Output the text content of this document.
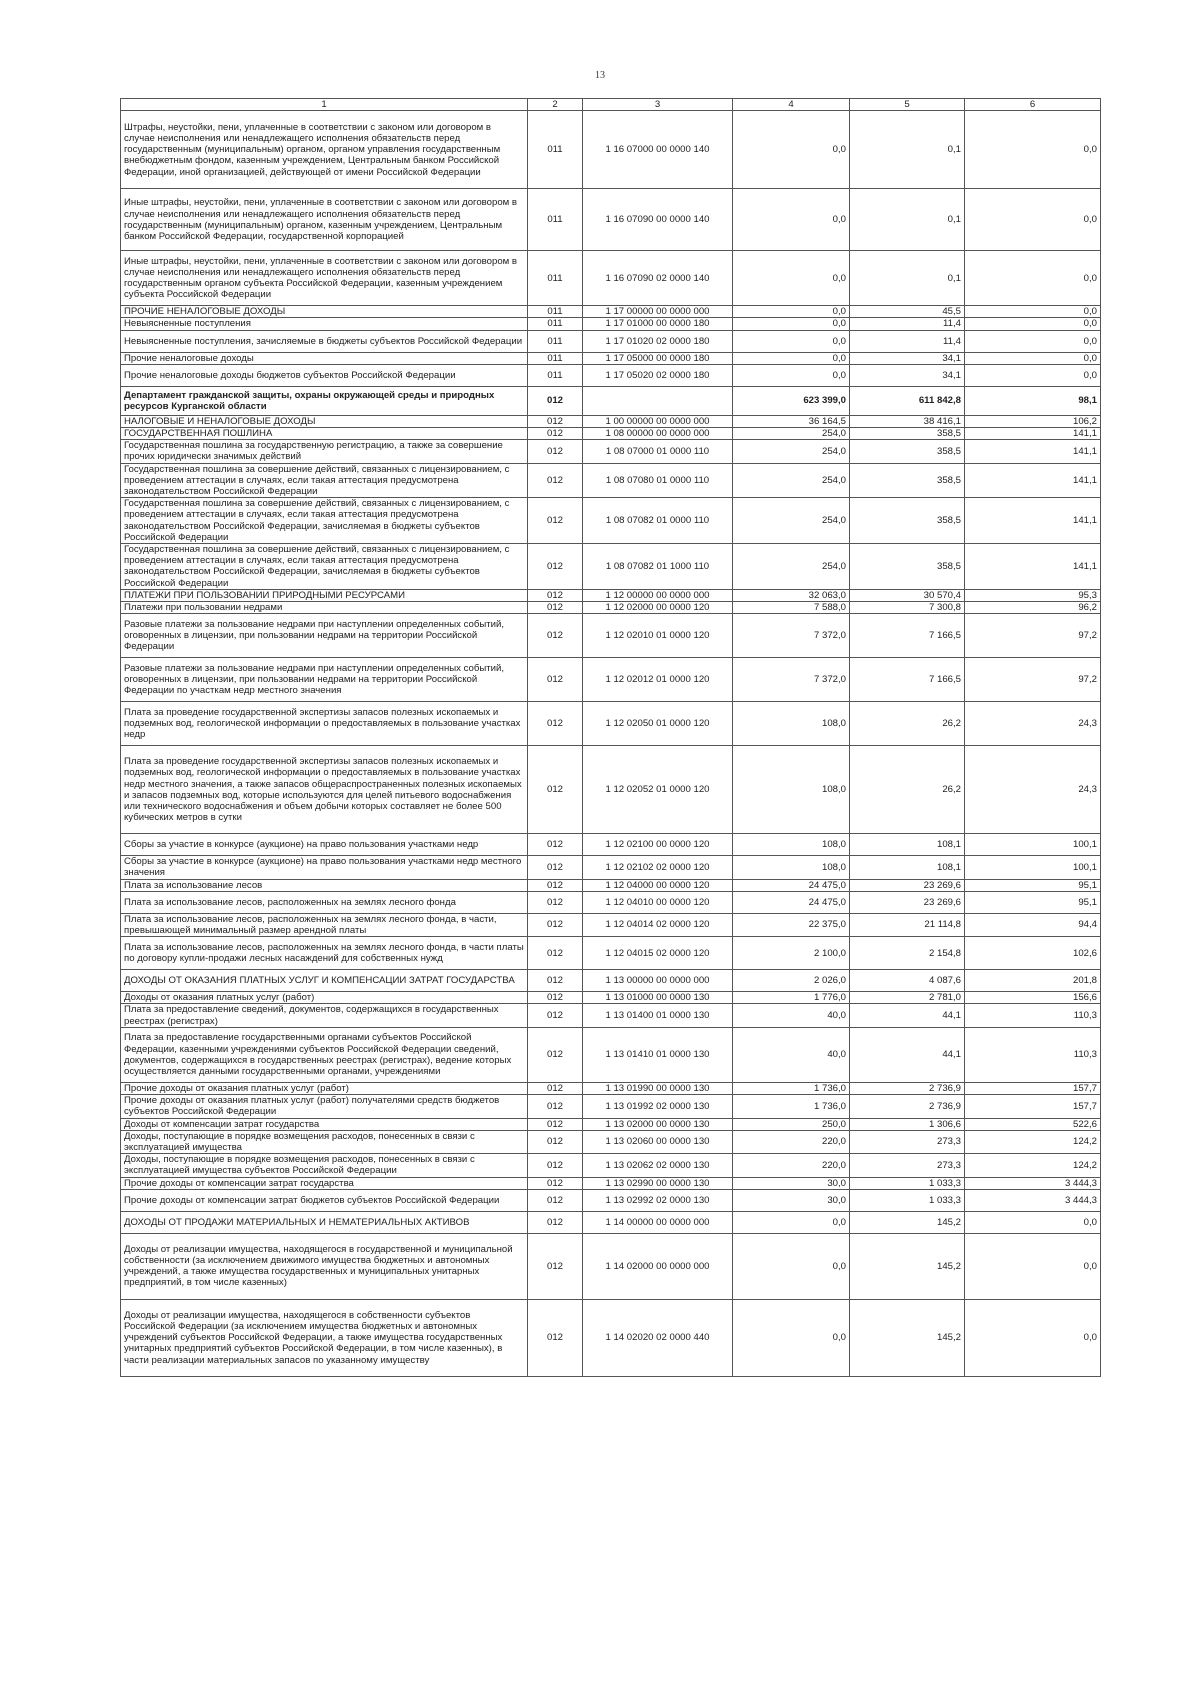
13
1	2	3	4	5	6
Штрафы, неустойки, пени, уплаченные в соответствии с законом или договором в случае неисполнения или ненадлежащего исполнения обязательств перед государственным (муниципальным) органом, органом управления государственным внебюджетным фондом, казенным учреждением, Центральным банком Российской Федерации, иной организацией, действующей от имени Российской Федерации	011	1 16 07000 00 0000 140	0,0	0,1	0,0
Иные штрафы, неустойки, пени, уплаченные в соответствии с законом или договором в случае неисполнения или ненадлежащего исполнения обязательств перед государственным (муниципальным) органом, казенным учреждением, Центральным банком Российской Федерации, государственной корпорацией	011	1 16 07090 00 0000 140	0,0	0,1	0,0
Иные штрафы, неустойки, пени, уплаченные в соответствии с законом или договором в случае неисполнения или ненадлежащего исполнения обязательств перед государственным органом субъекта Российской Федерации, казенным учреждением субъекта Российской Федерации	011	1 16 07090 02 0000 140	0,0	0,1	0,0
ПРОЧИЕ НЕНАЛОГОВЫЕ ДОХОДЫ	011	1 17 00000 00 0000 000	0,0	45,5	0,0
Невыясненные поступления	011	1 17 01000 00 0000 180	0,0	11,4	0,0
Невыясненные поступления, зачисляемые в бюджеты субъектов Российской Федерации	011	1 17 01020 02 0000 180	0,0	11,4	0,0
Прочие неналоговые доходы	011	1 17 05000 00 0000 180	0,0	34,1	0,0
Прочие неналоговые доходы бюджетов субъектов Российской Федерации	011	1 17 05020 02 0000 180	0,0	34,1	0,0
Департамент гражданской защиты, охраны окружающей среды и природных ресурсов Курганской области	012		623 399,0	611 842,8	98,1
НАЛОГОВЫЕ И НЕНАЛОГОВЫЕ ДОХОДЫ	012	1 00 00000 00 0000 000	36 164,5	38 416,1	106,2
ГОСУДАРСТВЕННАЯ ПОШЛИНА	012	1 08 00000 00 0000 000	254,0	358,5	141,1
Государственная пошлина за государственную регистрацию, а также за совершение прочих юридически значимых действий	012	1 08 07000 01 0000 110	254,0	358,5	141,1
Государственная пошлина за совершение действий, связанных с лицензированием, с проведением аттестации в случаях, если такая аттестация предусмотрена законодательством Российской Федерации	012	1 08 07080 01 0000 110	254,0	358,5	141,1
Государственная пошлина за совершение действий, связанных с лицензированием, с проведением аттестации в случаях, если такая аттестация предусмотрена законодательством Российской Федерации, зачисляемая в бюджеты субъектов Российской Федерации	012	1 08 07082 01 0000 110	254,0	358,5	141,1
Государственная пошлина за совершение действий, связанных с лицензированием, с проведением аттестации в случаях, если такая аттестация предусмотрена законодательством Российской Федерации, зачисляемая в бюджеты субъектов Российской Федерации	012	1 08 07082 01 1000 110	254,0	358,5	141,1
ПЛАТЕЖИ ПРИ ПОЛЬЗОВАНИИ ПРИРОДНЫМИ РЕСУРСАМИ	012	1 12 00000 00 0000 000	32 063,0	30 570,4	95,3
Платежи при пользовании недрами	012	1 12 02000 00 0000 120	7 588,0	7 300,8	96,2
Разовые платежи за пользование недрами при наступлении определенных событий, оговоренных в лицензии, при пользовании недрами на территории Российской Федерации	012	1 12 02010 01 0000 120	7 372,0	7 166,5	97,2
Разовые платежи за пользование недрами при наступлении определенных событий, оговоренных в лицензии, при пользовании недрами на территории Российской Федерации по участкам недр местного значения	012	1 12 02012 01 0000 120	7 372,0	7 166,5	97,2
Плата за проведение государственной экспертизы запасов полезных ископаемых и подземных вод, геологической информации о предоставляемых в пользование участках недр	012	1 12 02050 01 0000 120	108,0	26,2	24,3
Плата за проведение государственной экспертизы запасов полезных ископаемых и подземных вод, геологической информации о предоставляемых в пользование участках недр местного значения, а также запасов общераспространенных полезных ископаемых и запасов подземных вод, которые используются для целей питьевого водоснабжения или технического водоснабжения и объем добычи которых составляет не более 500 кубических метров в сутки	012	1 12 02052 01 0000 120	108,0	26,2	24,3
Сборы за участие в конкурсе (аукционе) на право пользования участками недр	012	1 12 02100 00 0000 120	108,0	108,1	100,1
Сборы за участие в конкурсе (аукционе) на право пользования участками недр местного значения	012	1 12 02102 02 0000 120	108,0	108,1	100,1
Плата за использование лесов	012	1 12 04000 00 0000 120	24 475,0	23 269,6	95,1
Плата за использование лесов, расположенных на землях лесного фонда	012	1 12 04010 00 0000 120	24 475,0	23 269,6	95,1
Плата за использование лесов, расположенных на землях лесного фонда, в части, превышающей минимальный размер арендной платы	012	1 12 04014 02 0000 120	22 375,0	21 114,8	94,4
Плата за использование лесов, расположенных на землях лесного фонда, в части платы по договору купли-продажи лесных насаждений для собственных нужд	012	1 12 04015 02 0000 120	2 100,0	2 154,8	102,6
ДОХОДЫ ОТ ОКАЗАНИЯ ПЛАТНЫХ УСЛУГ И КОМПЕНСАЦИИ ЗАТРАТ ГОСУДАРСТВА	012	1 13 00000 00 0000 000	2 026,0	4 087,6	201,8
Доходы от оказания платных услуг (работ)	012	1 13 01000 00 0000 130	1 776,0	2 781,0	156,6
Плата за предоставление сведений, документов, содержащихся в государственных реестрах (регистрах)	012	1 13 01400 01 0000 130	40,0	44,1	110,3
Плата за предоставление государственными органами субъектов Российской Федерации, казенными учреждениями субъектов Российской Федерации сведений, документов, содержащихся в государственных реестрах (регистрах), ведение которых осуществляется данными государственными органами, учреждениями	012	1 13 01410 01 0000 130	40,0	44,1	110,3
Прочие доходы от оказания платных услуг (работ)	012	1 13 01990 00 0000 130	1 736,0	2 736,9	157,7
Прочие доходы от оказания платных услуг (работ) получателями средств бюджетов субъектов Российской Федерации	012	1 13 01992 02 0000 130	1 736,0	2 736,9	157,7
Доходы от компенсации затрат государства	012	1 13 02000 00 0000 130	250,0	1 306,6	522,6
Доходы, поступающие в порядке возмещения расходов, понесенных в связи с эксплуатацией имущества	012	1 13 02060 00 0000 130	220,0	273,3	124,2
Доходы, поступающие в порядке возмещения расходов, понесенных в связи с эксплуатацией имущества субъектов Российской Федерации	012	1 13 02062 02 0000 130	220,0	273,3	124,2
Прочие доходы от компенсации затрат государства	012	1 13 02990 00 0000 130	30,0	1 033,3	3 444,3
Прочие доходы от компенсации затрат бюджетов субъектов Российской Федерации	012	1 13 02992 02 0000 130	30,0	1 033,3	3 444,3
ДОХОДЫ ОТ ПРОДАЖИ МАТЕРИАЛЬНЫХ И НЕМАТЕРИАЛЬНЫХ АКТИВОВ	012	1 14 00000 00 0000 000	0,0	145,2	0,0
Доходы от реализации имущества, находящегося в государственной и муниципальной собственности (за исключением движимого имущества бюджетных и автономных учреждений, а также имущества государственных и муниципальных унитарных предприятий, в том числе казенных)	012	1 14 02000 00 0000 000	0,0	145,2	0,0
Доходы от реализации имущества, находящегося в собственности субъектов Российской Федерации (за исключением имущества бюджетных и автономных учреждений субъектов Российской Федерации, а также имущества государственных унитарных предприятий субъектов Российской Федерации, в том числе казенных), в части реализации материальных запасов по указанному имуществу	012	1 14 02020 02 0000 440	0,0	145,2	0,0
